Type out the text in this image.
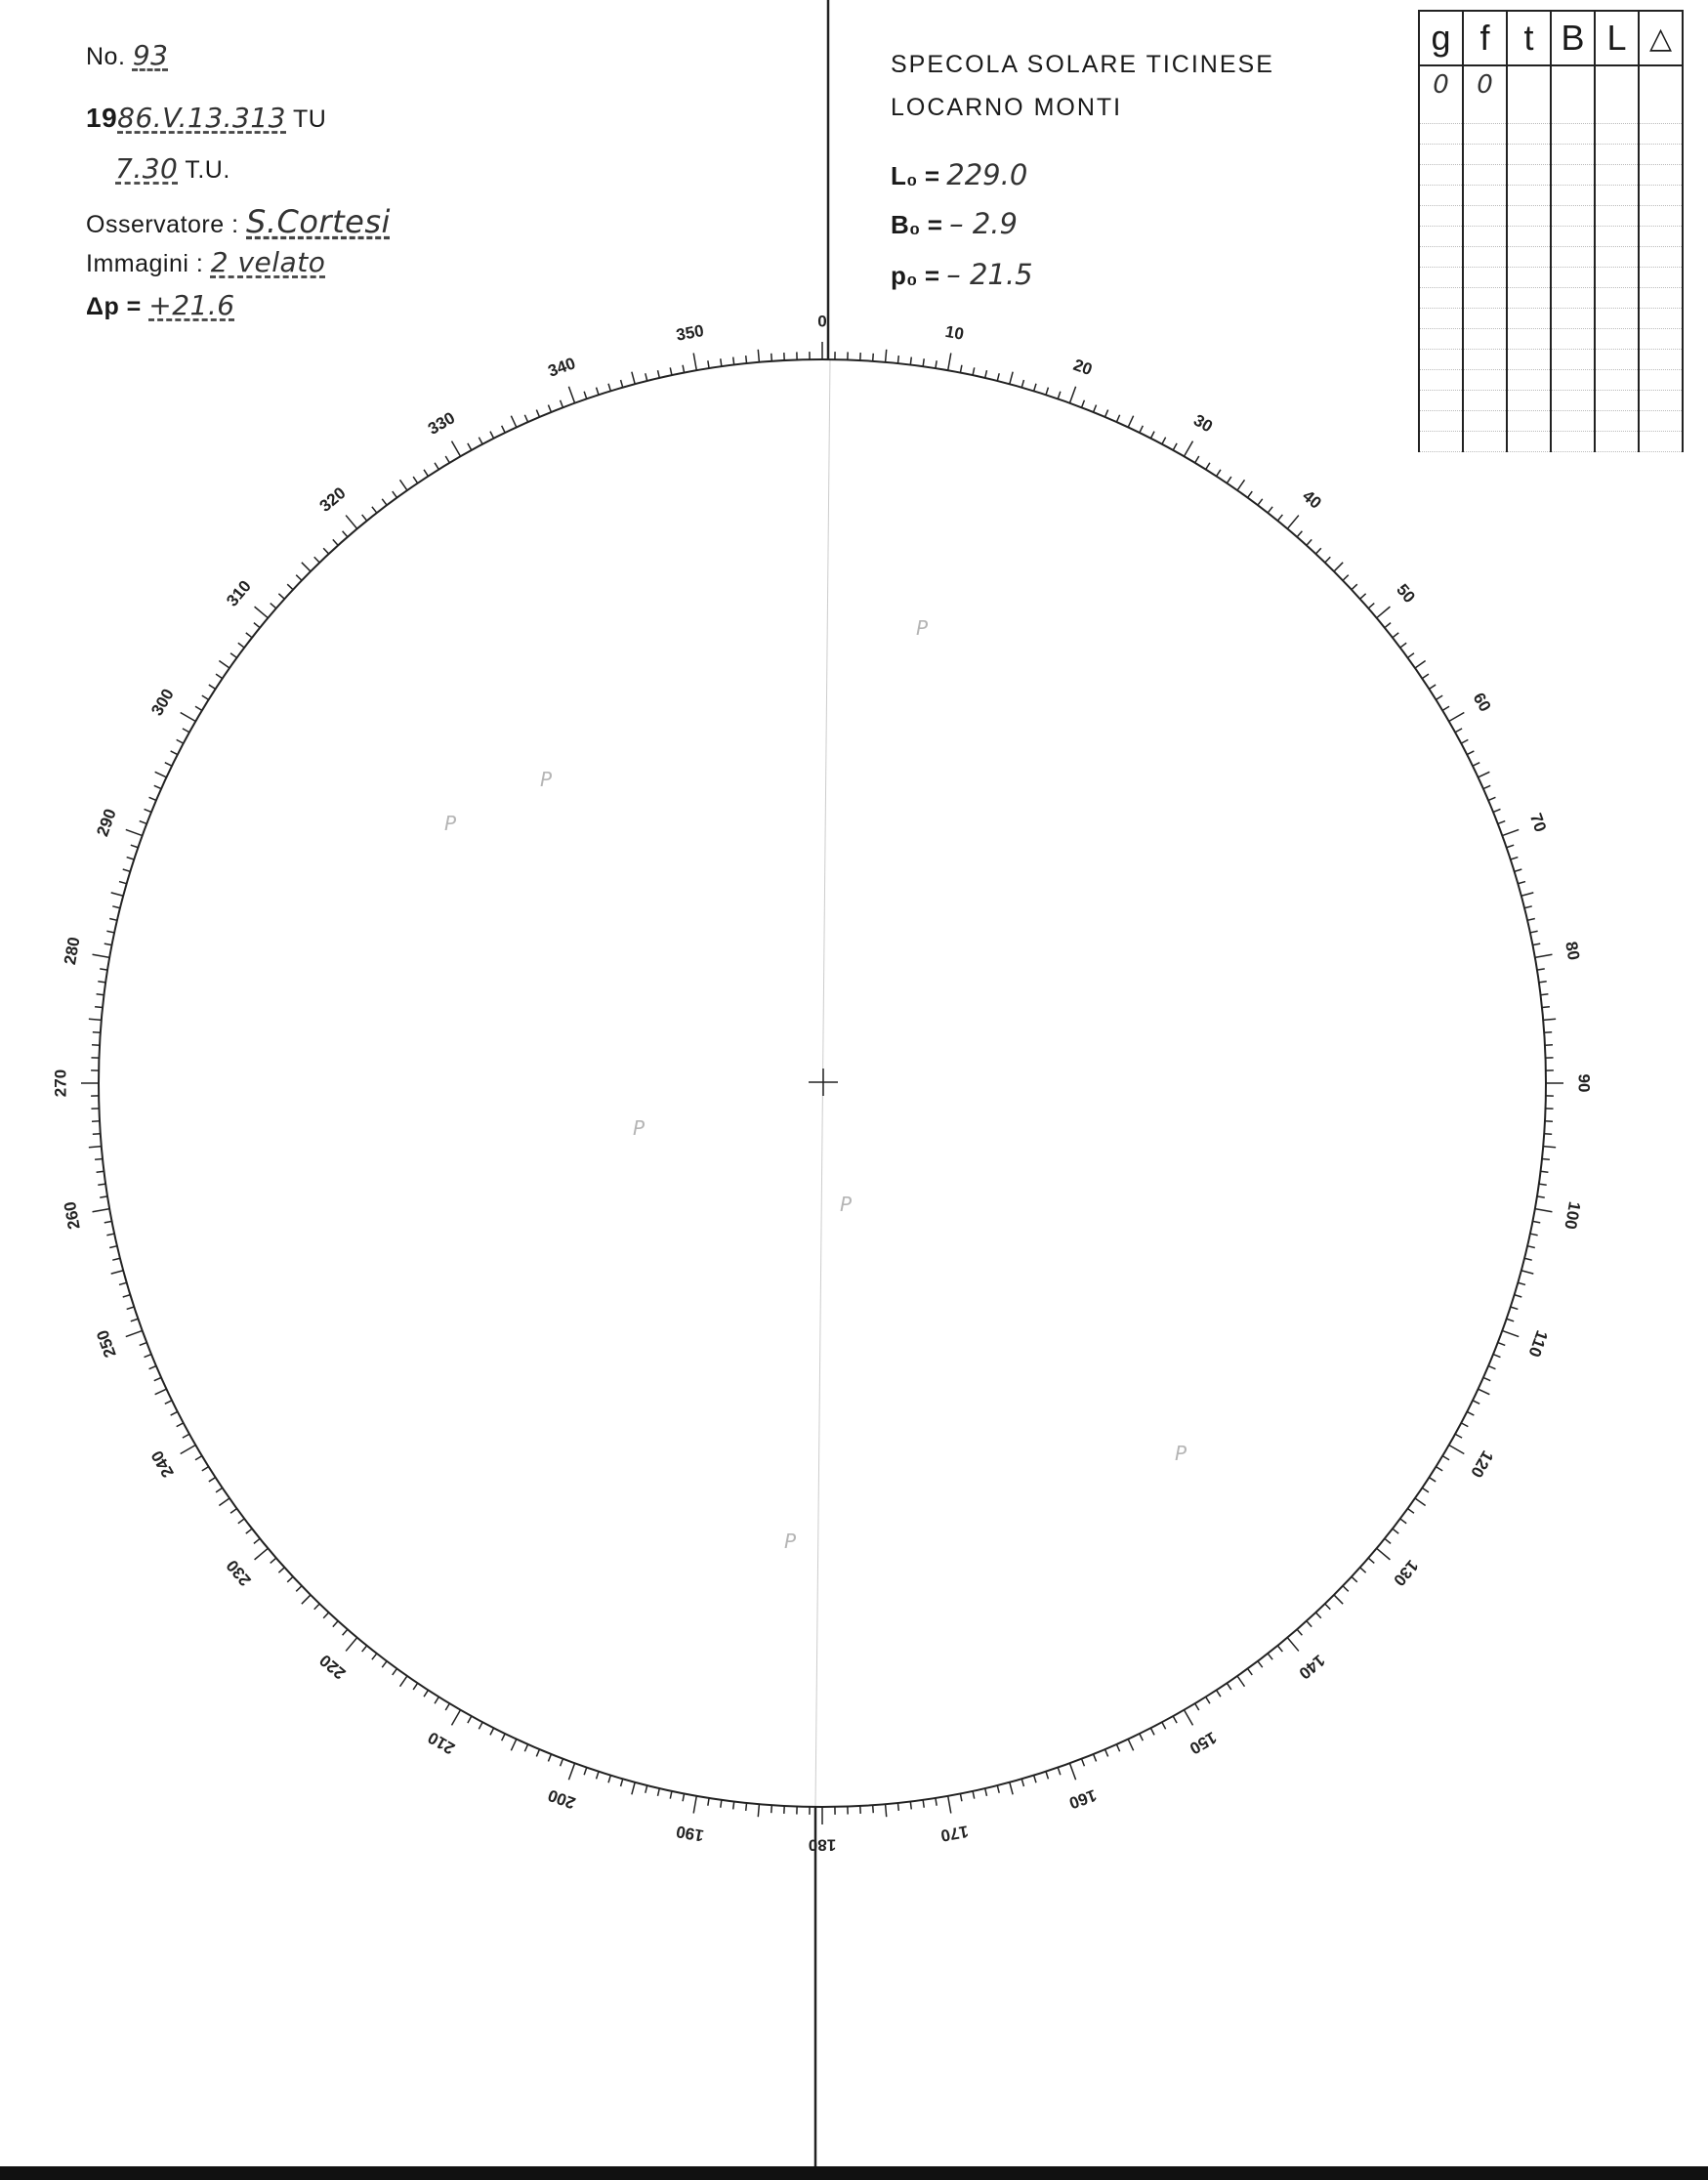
No. 93
1986.V.13.313 TU
7.30 T.U.
Osservatore : S.Cortesi
Immagini : 2 velato
Δp = +21.6
SPECOLA SOLARE TICINESE
LOCARNO MONTI
L₀ = 229.0
B₀ = – 2.9
p₀ = – 21.5
g	f	t	B	L	△
0	0				

0
10
20
30
40
50
60
70
80
90
100
110
120
130
140
150
160
170
180
190
200
210
220
230
240
250
260
270
280
290
300
310
320
330
340
350
P
P
P
P
P
P
P
